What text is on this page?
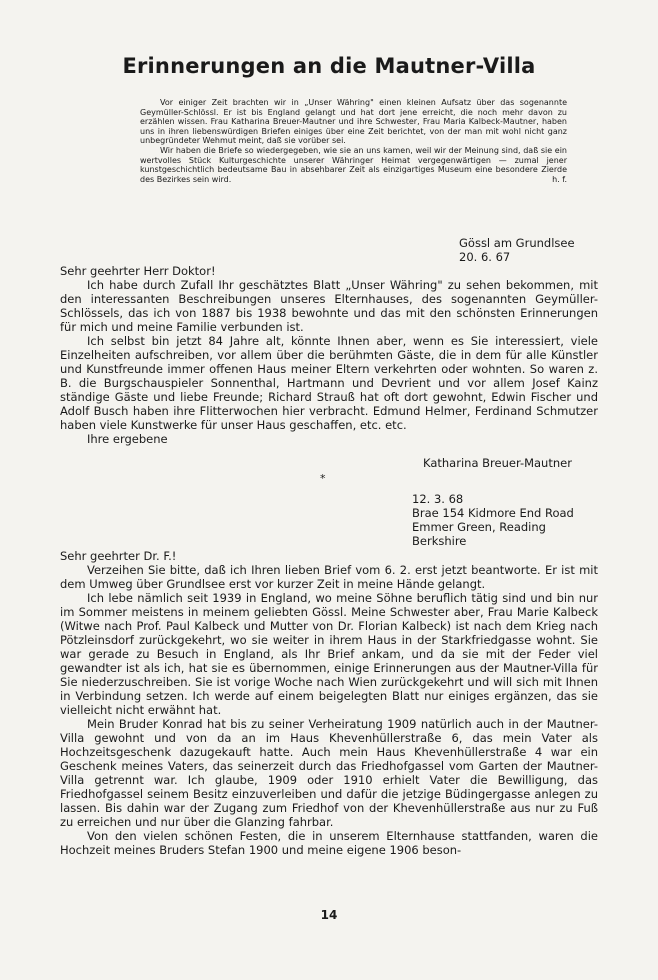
Erinnerungen an die Mautner-Villa

Vor einiger Zeit brachten wir in „Unser Währing" einen kleinen Aufsatz über das sogenannte Geymüller-Schlössl. Er ist bis England gelangt und hat dort jene erreicht, die noch mehr davon zu erzählen wissen. Frau Katharina Breuer-Mautner und ihre Schwester, Frau Maria Kalbeck-Mautner, haben uns in ihren liebenswürdigen Briefen einiges über eine Zeit berichtet, von der man mit wohl nicht ganz unbegründeter Wehmut meint, daß sie vorüber sei.

Wir haben die Briefe so wiedergegeben, wie sie an uns kamen, weil wir der Meinung sind, daß sie ein wertvolles Stück Kulturgeschichte unserer Währinger Heimat vergegenwärtigen — zumal jener kunstgeschichtlich bedeutsame Bau in absehbarer Zeit als einzigartiges Museum eine besondere Zierde des Bezirkes sein wird.	h. f.

Gössl am Grundlsee
20. 6. 67

Sehr geehrter Herr Doktor!

Ich habe durch Zufall Ihr geschätztes Blatt „Unser Währing" zu sehen bekommen, mit den interessanten Beschreibungen unseres Elternhauses, des sogenannten Geymüller-Schlössels, das ich von 1887 bis 1938 bewohnte und das mit den schönsten Erinnerungen für mich und meine Familie verbunden ist.

Ich selbst bin jetzt 84 Jahre alt, könnte Ihnen aber, wenn es Sie interessiert, viele Einzelheiten aufschreiben, vor allem über die berühmten Gäste, die in dem für alle Künstler und Kunstfreunde immer offenen Haus meiner Eltern verkehrten oder wohnten. So waren z. B. die Burgschauspieler Sonnenthal, Hartmann und Devrient und vor allem Josef Kainz ständige Gäste und liebe Freunde; Richard Strauß hat oft dort gewohnt, Edwin Fischer und Adolf Busch haben ihre Flitterwochen hier verbracht. Edmund Helmer, Ferdinand Schmutzer haben viele Kunstwerke für unser Haus geschaffen, etc. etc.

Ihre ergebene

Katharina Breuer-Mautner
*
12. 3. 68
Brae 154 Kidmore End Road
Emmer Green, Reading
Berkshire

Sehr geehrter Dr. F.!

Verzeihen Sie bitte, daß ich Ihren lieben Brief vom 6. 2. erst jetzt beantworte. Er ist mit dem Umweg über Grundlsee erst vor kurzer Zeit in meine Hände gelangt.

Ich lebe nämlich seit 1939 in England, wo meine Söhne beruflich tätig sind und bin nur im Sommer meistens in meinem geliebten Gössl. Meine Schwester aber, Frau Marie Kalbeck (Witwe nach Prof. Paul Kalbeck und Mutter von Dr. Florian Kalbeck) ist nach dem Krieg nach Pötzleinsdorf zurückgekehrt, wo sie weiter in ihrem Haus in der Starkfriedgasse wohnt. Sie war gerade zu Besuch in England, als Ihr Brief ankam, und da sie mit der Feder viel gewandter ist als ich, hat sie es übernommen, einige Erinnerungen aus der Mautner-Villa für Sie niederzuschreiben. Sie ist vorige Woche nach Wien zurückgekehrt und will sich mit Ihnen in Verbindung setzen. Ich werde auf einem beigelegten Blatt nur einiges ergänzen, das sie vielleicht nicht erwähnt hat.

Mein Bruder Konrad hat bis zu seiner Verheiratung 1909 natürlich auch in der Mautner-Villa gewohnt und von da an im Haus Khevenhüllerstraße 6, das mein Vater als Hochzeitsgeschenk dazugekauft hatte. Auch mein Haus Khevenhüllerstraße 4 war ein Geschenk meines Vaters, das seinerzeit durch das Friedhofgassel vom Garten der Mautner-Villa getrennt war. Ich glaube, 1909 oder 1910 erhielt Vater die Bewilligung, das Friedhofgassel seinem Besitz einzuverleiben und dafür die jetzige Büdingergasse anlegen zu lassen. Bis dahin war der Zugang zum Friedhof von der Khevenhüllerstraße aus nur zu Fuß zu erreichen und nur über die Glanzing fahrbar.

Von den vielen schönen Festen, die in unserem Elternhause stattfanden, waren die Hochzeit meines Bruders Stefan 1900 und meine eigene 1906 beson-

14
